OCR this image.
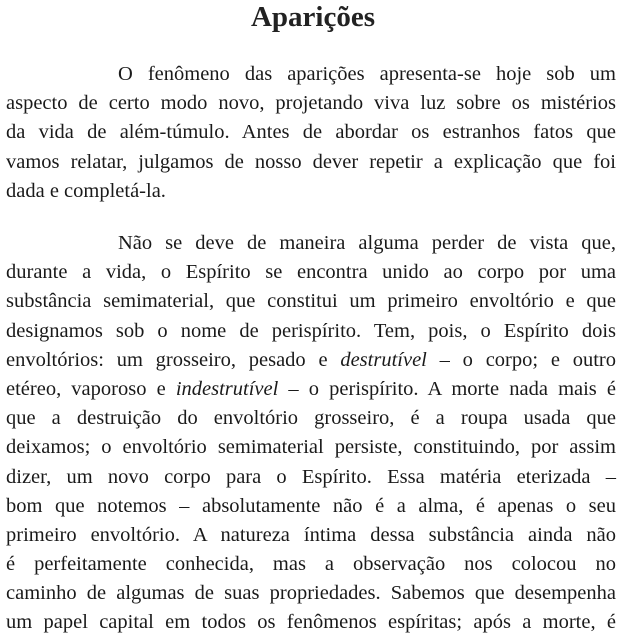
Aparições
O fenômeno das aparições apresenta-se hoje sob um
aspecto de certo modo novo, projetando viva luz sobre os mistérios
da vida de além-túmulo. Antes de abordar os estranhos fatos que
vamos relatar, julgamos de nosso dever repetir a explicação que foi
dada e completá-la.
Não se deve de maneira alguma perder de vista que,
durante a vida, o Espírito se encontra unido ao corpo por uma
substância semimaterial, que constitui um primeiro envoltório e que
designamos sob o nome de perispírito. Tem, pois, o Espírito dois
envoltórios: um grosseiro, pesado e destrutível – o corpo; e outro
etéreo, vaporoso e indestrutível – o perispírito. A morte nada mais é
que a destruição do envoltório grosseiro, é a roupa usada que
deixamos; o envoltório semimaterial persiste, constituindo, por assim
dizer, um novo corpo para o Espírito. Essa matéria eterizada –
bom que notemos – absolutamente não é a alma, é apenas o seu
primeiro envoltório. A natureza íntima dessa substância ainda não
é perfeitamente conhecida, mas a observação nos colocou no
caminho de algumas de suas propriedades. Sabemos que desempenha
um papel capital em todos os fenômenos espíritas; após a morte, é
